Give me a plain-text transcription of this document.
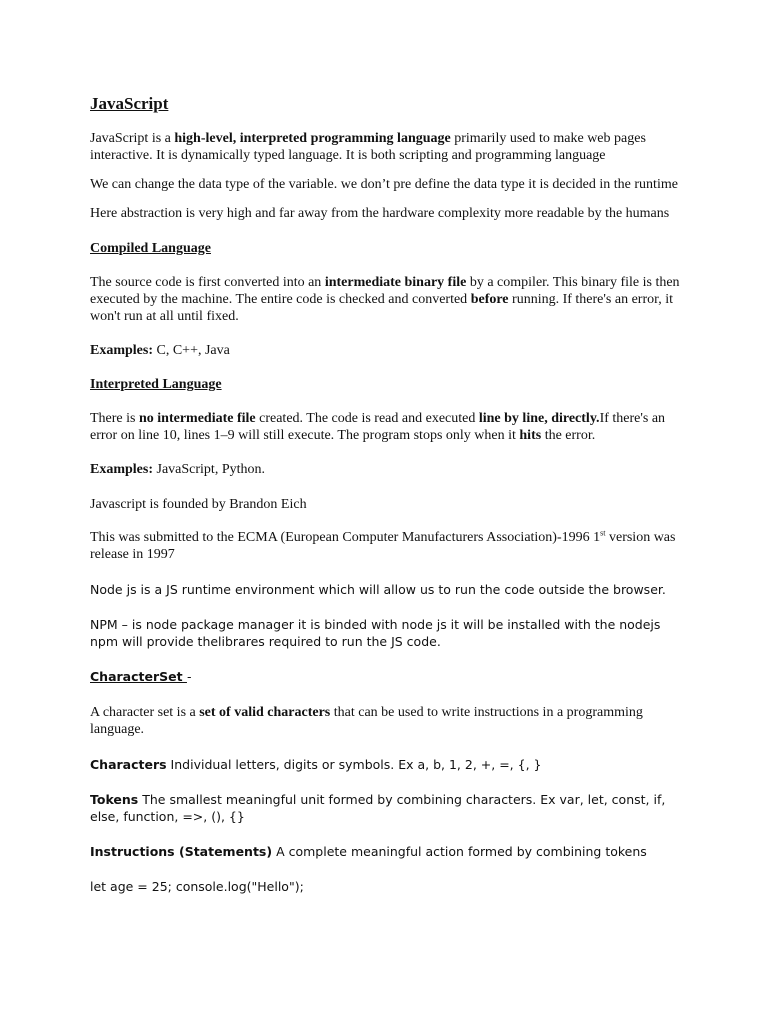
JavaScript

JavaScript is a high-level, interpreted programming language primarily used to make web pages interactive. It is dynamically typed language. It is both scripting and programming language

We can change the data type of the variable. we don’t pre define the data type it is decided in the runtime

Here abstraction is very high and far away from the hardware complexity more readable by the humans

Compiled Language

The source code is first converted into an intermediate binary file by a compiler. This binary file is then executed by the machine. The entire code is checked and converted before running. If there's an error, it won't run at all until fixed.

Examples: C, C++, Java

Interpreted Language

There is no intermediate file created. The code is read and executed line by line, directly.If there's an error on line 10, lines 1–9 will still execute. The program stops only when it hits the error.

Examples: JavaScript, Python.

Javascript is founded by Brandon Eich

This was submitted to the ECMA (European Computer Manufacturers Association)-1996 1st version was release in 1997

Node js is a JS runtime environment which will allow us to run the code outside the browser.

NPM – is node package manager it is binded with node js it will be installed with the nodejs npm will provide thelibrares required to run the JS code.

CharacterSet -

A character set is a set of valid characters that can be used to write instructions in a programming language.

Characters Individual letters, digits or symbols. Ex a, b, 1, 2, +, =, {, }

Tokens The smallest meaningful unit formed by combining characters. Ex var, let, const, if, else, function, =>, (), {}

Instructions (Statements) A complete meaningful action formed by combining tokens

let age = 25; console.log("Hello");
